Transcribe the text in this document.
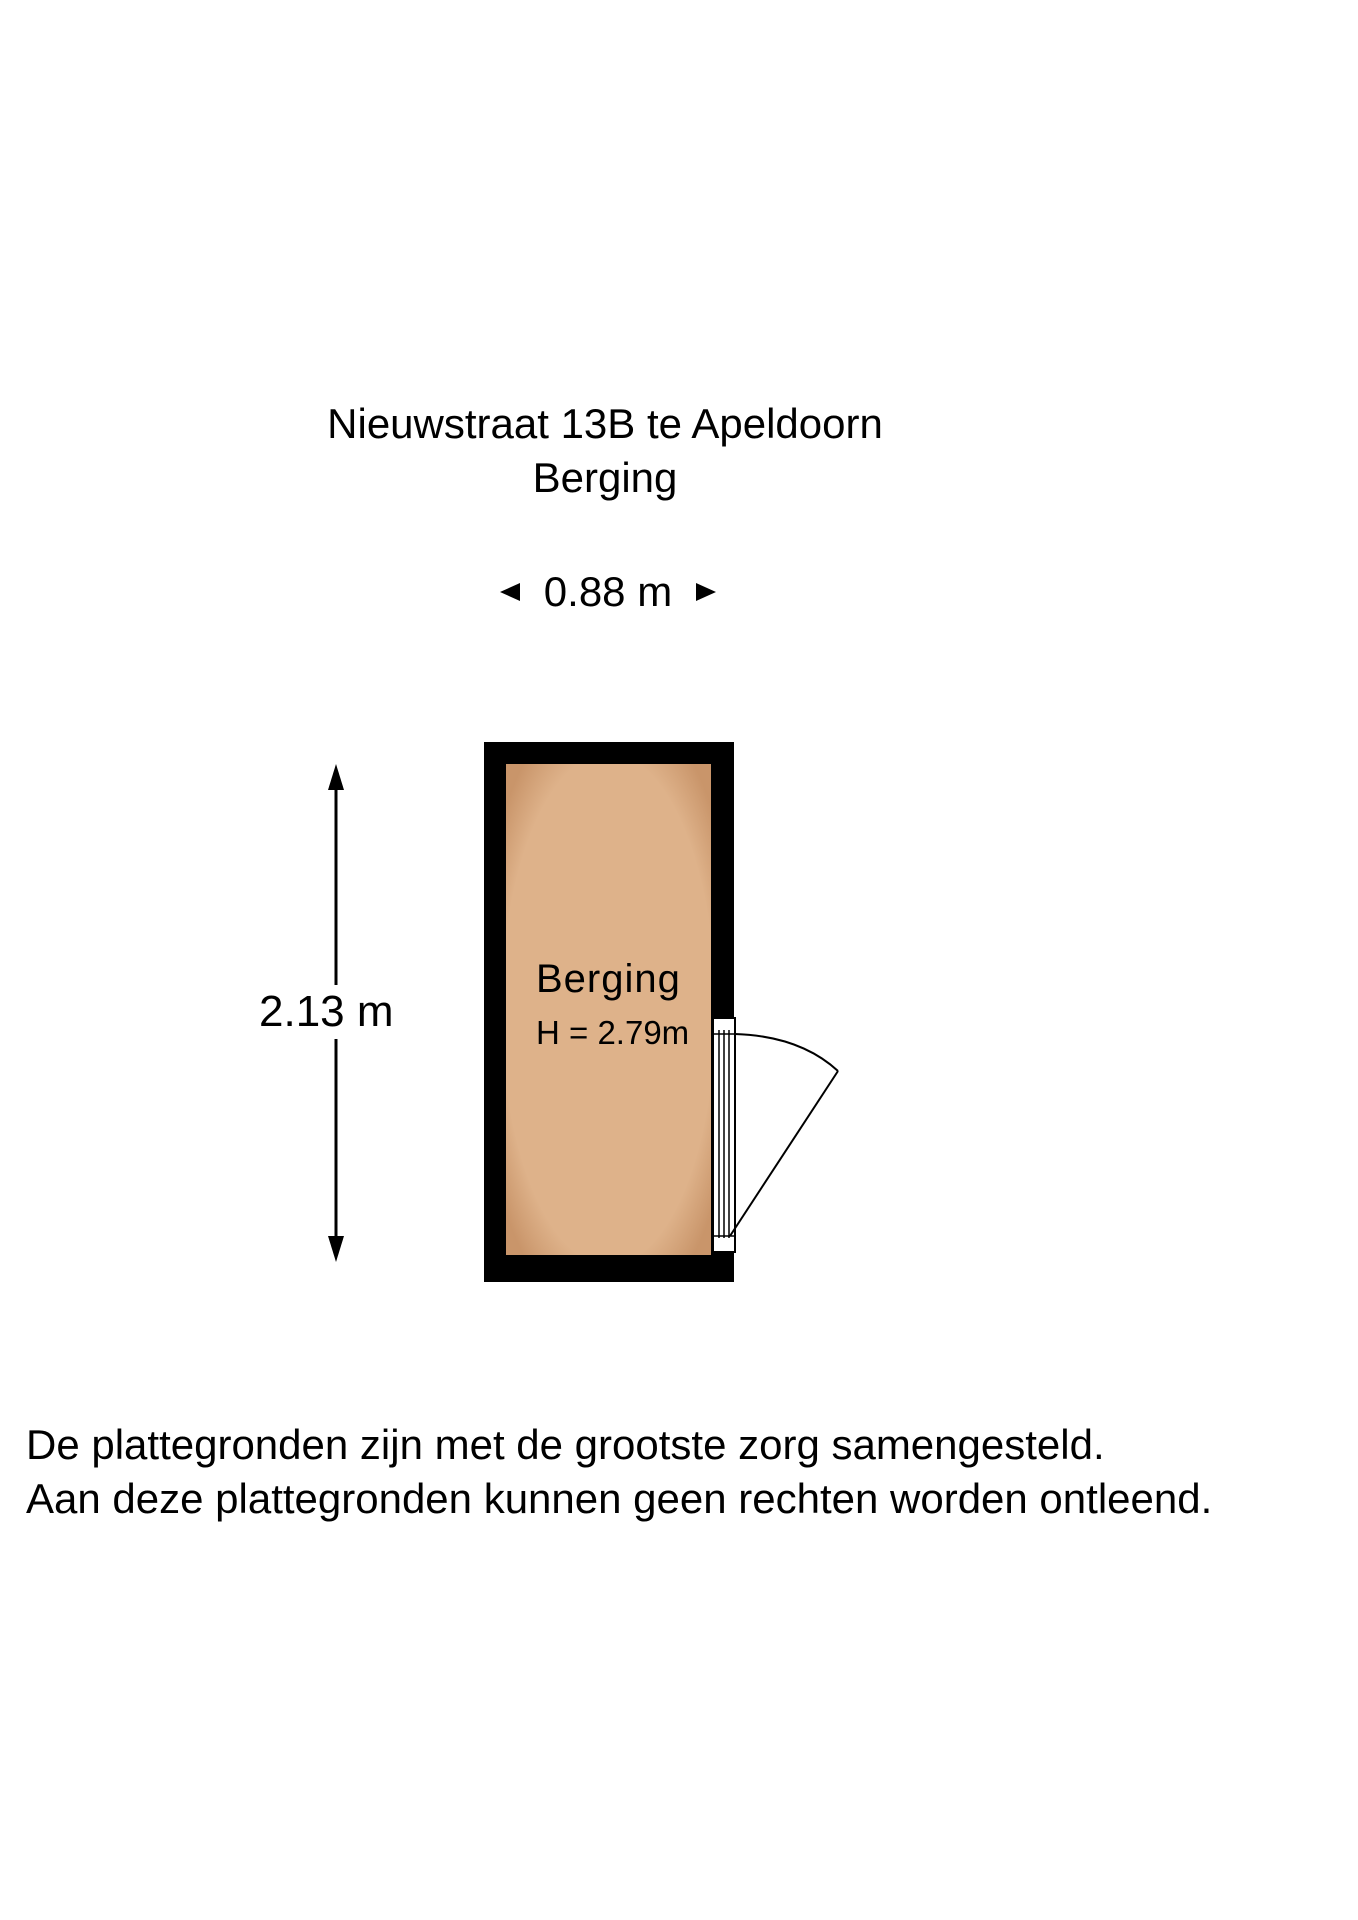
Nieuwstraat 13B te Apeldoorn
Berging
0.88 m
Berging
H = 2.79m
2.13 m
De plattegronden zijn met de grootste zorg samengesteld.
Aan deze plattegronden kunnen geen rechten worden ontleend.
